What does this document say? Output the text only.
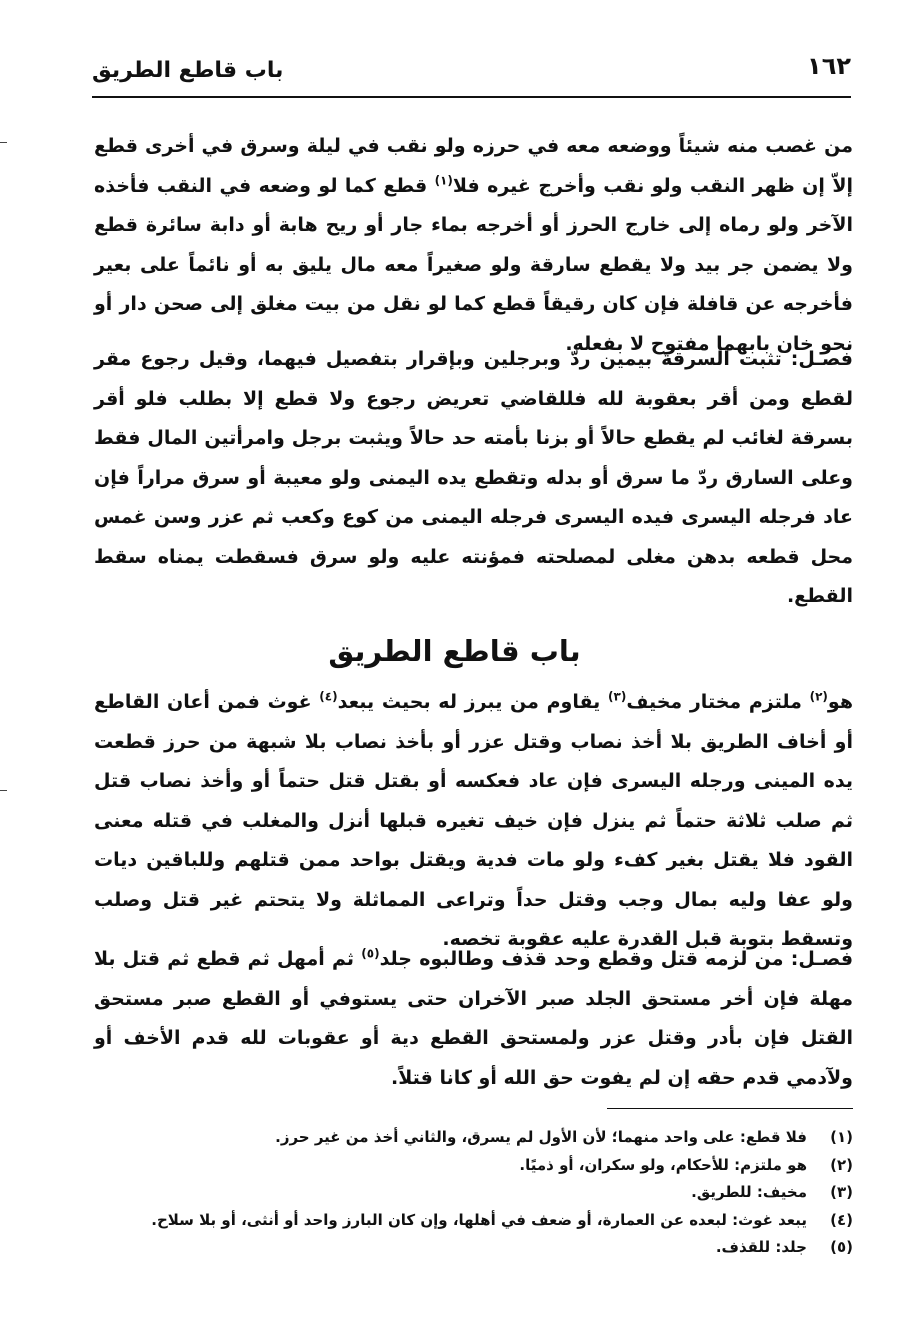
١٦٢
باب قاطع الطريق

من غصب منه شيئاً ووضعه معه في حرزه ولو نقب في ليلة وسرق في أخرى قطع إلاّ إن ظهر النقب ولو نقب وأخرج غيره فلا$^{(١)}$ قطع كما لو وضعه في النقب فأخذه الآخر ولو رماه إلى خارج الحرز أو أخرجه بماء جار أو ريح هابة أو دابة سائرة قطع ولا يضمن جر بيد ولا يقطع سارقة ولو صغيراً معه مال يليق به أو نائماً على بعير فأخرجه عن قافلة فإن كان رقيقاً قطع كما لو نقل من بيت مغلق إلى صحن دار أو نحو خان بابهما مفتوح لا بفعله.

فصـل: تثبت السرقة بيمين ردّ وبرجلين وبإقرار بتفصيل فيهما، وقيل رجوع مقر لقطع ومن أقر بعقوبة لله فللقاضي تعريض رجوع ولا قطع إلا بطلب فلو أقر بسرقة لغائب لم يقطع حالاً أو بزنا بأمته حد حالاً ويثبت برجل وامرأتين المال فقط وعلى السارق ردّ ما سرق أو بدله وتقطع يده اليمنى ولو معيبة أو سرق مراراً فإن عاد فرجله اليسرى فيده اليسرى فرجله اليمنى من كوع وكعب ثم عزر وسن غمس محل قطعه بدهن مغلى لمصلحته فمؤنته عليه ولو سرق فسقطت يمناه سقط القطع.

باب قاطع الطريق

هو$^{(٢)}$ ملتزم مختار مخيف$^{(٣)}$ يقاوم من يبرز له بحيث يبعد$^{(٤)}$ غوث فمن أعان القاطع أو أخاف الطريق بلا أخذ نصاب وقتل عزر أو بأخذ نصاب بلا شبهة من حرز قطعت يده المينى ورجله اليسرى فإن عاد فعكسه أو بقتل قتل حتماً أو وأخذ نصاب قتل ثم صلب ثلاثة حتماً ثم ينزل فإن خيف تغيره قبلها أنزل والمغلب في قتله معنى القود فلا يقتل بغير كفء ولو مات فدية ويقتل بواحد ممن قتلهم وللباقين ديات ولو عفا وليه بمال وجب وقتل حداً وتراعى المماثلة ولا يتحتم غير قتل وصلب وتسقط بتوبة قبل القدرة عليه عقوبة تخصه.

فصـل: من لزمه قتل وقطع وحد قذف وطالبوه جلد$^{(٥)}$ ثم أمهل ثم قطع ثم قتل بلا مهلة فإن أخر مستحق الجلد صبر الآخران حتى يستوفي أو القطع صبر مستحق القتل فإن بأدر وقتل عزر ولمستحق القطع دية أو عقوبات لله قدم الأخف أو ولآدمي قدم حقه إن لم يفوت حق الله أو كانا قتلاً.

(١)فلا قطع: على واحد منهما؛ لأن الأول لم يسرق، والثاني أخذ من غير حرز.
(٢)هو ملتزم: للأحكام، ولو سكران، أو ذميًا.
(٣)مخيف: للطريق.
(٤)يبعد غوث: لبعده عن العمارة، أو ضعف في أهلها، وإن كان البارز واحد أو أنثى، أو بلا سلاح.
(٥)جلد: للقذف.
